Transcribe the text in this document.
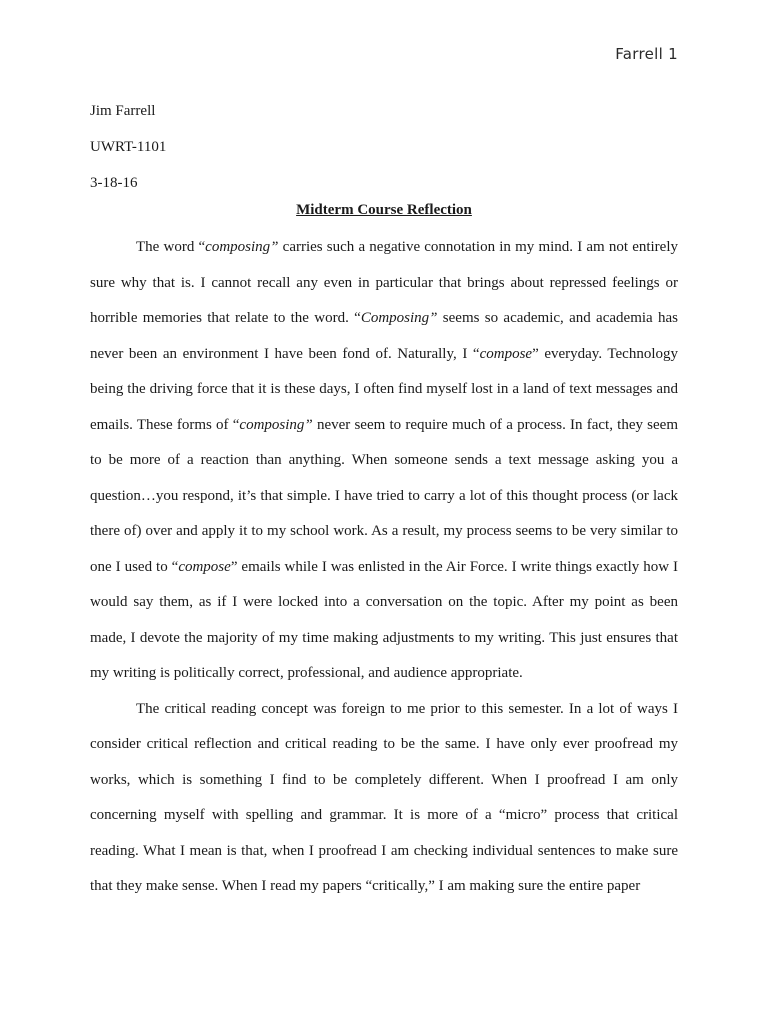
Farrell 1
Jim Farrell
UWRT-1101
3-18-16
Midterm Course Reflection

The word “composing” carries such a negative connotation in my mind. I am not entirely sure why that is. I cannot recall any even in particular that brings about repressed feelings or horrible memories that relate to the word. “Composing” seems so academic, and academia has never been an environment I have been fond of. Naturally, I “compose” everyday. Technology being the driving force that it is these days, I often find myself lost in a land of text messages and emails. These forms of “composing” never seem to require much of a process. In fact, they seem to be more of a reaction than anything. When someone sends a text message asking you a question…you respond, it’s that simple. I have tried to carry a lot of this thought process (or lack there of) over and apply it to my school work. As a result, my process seems to be very similar to one I used to “compose” emails while I was enlisted in the Air Force. I write things exactly how I would say them, as if I were locked into a conversation on the topic. After my point as been made, I devote the majority of my time making adjustments to my writing. This just ensures that my writing is politically correct, professional, and audience appropriate.

The critical reading concept was foreign to me prior to this semester. In a lot of ways I consider critical reflection and critical reading to be the same. I have only ever proofread my works, which is something I find to be completely different. When I proofread I am only concerning myself with spelling and grammar. It is more of a “micro” process that critical reading. What I mean is that, when I proofread I am checking individual sentences to make sure that they make sense. When I read my papers “critically,” I am making sure the entire paper
